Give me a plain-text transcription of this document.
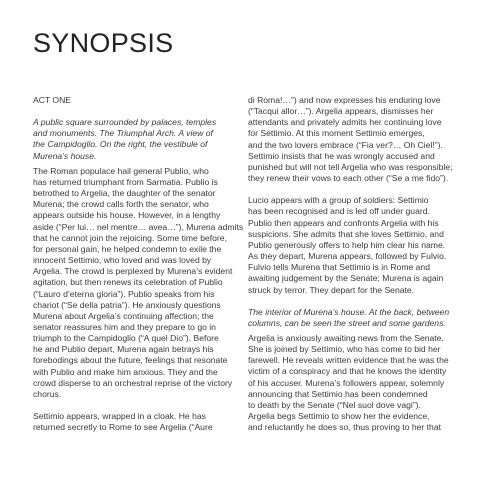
SYNOPSIS
ACT ONE
A public square surrounded by palaces, temples
and monuments. The Triumphal Arch. A view of
the Campidoglio. On the right, the vestibule of
Murena’s house.
The Roman populace hail general Publio, who
has returned triumphant from Sarmatia. Publio is
betrothed to Argelia, the daughter of the senator
Murena; the crowd calls forth the senator, who
appears outside his house. However, in a lengthy
aside (“Per lui… nel mentre… avea…”), Murena admits
that he cannot join the rejoicing. Some time before,
for personal gain, he helped condemn to exile the
innocent Settimio, who loved and was loved by
Argelia. The crowd is perplexed by Murena’s evident
agitation, but then renews its celebration of Publio
(“Lauro d’eterna gloria”). Publio speaks from his
chariot (“Se della patria”). He anxiously questions
Murena about Argelia’s continuing affection; the
senator reassures him and they prepare to go in
triumph to the Campidoglio (“A quel Dio”). Before
he and Publio depart, Murena again betrays his
forebodings about the future, feelings that resonate
with Publio and make him anxious. They and the
crowd disperse to an orchestral reprise of the victory
chorus.
Settimio appears, wrapped in a cloak. He has
returned secretly to Rome to see Argelia (“Aure
di Roma!…”) and now expresses his enduring love
(“Tacqui allor…”). Argelia appears, dismisses her
attendants and privately admits her continuing love
for Settimio. At this moment Settimio emerges,
and the two lovers embrace (“Fia ver?… Oh Ciel!”).
Settimio insists that he was wrongly accused and
punished but will not tell Argelia who was responsible;
they renew their vows to each other (“Se a me fido”).
Lucio appears with a group of soldiers: Settimio
has been recognised and is led off under guard.
Publio then appears and confronts Argelia with his
suspicions. She admits that she loves Settimio, and
Publio generously offers to help him clear his name.
As they depart, Murena appears, followed by Fulvio.
Fulvio tells Murena that Settimio is in Rome and
awaiting judgement by the Senate; Murena is again
struck by terror. They depart for the Senate.
The interior of Murena’s house. At the back, between
columns, can be seen the street and some gardens.
Argelia is anxiously awaiting news from the Senate.
She is joined by Settimio, who has come to bid her
farewell. He reveals written evidence that he was the
victim of a conspiracy and that he knows the identity
of his accuser. Murena’s followers appear, solemnly
announcing that Settimio has been condemned
to death by the Senate (“Nel suol dove vagi”).
Argelia begs Settimio to show her the evidence,
and reluctantly he does so, thus proving to her that
